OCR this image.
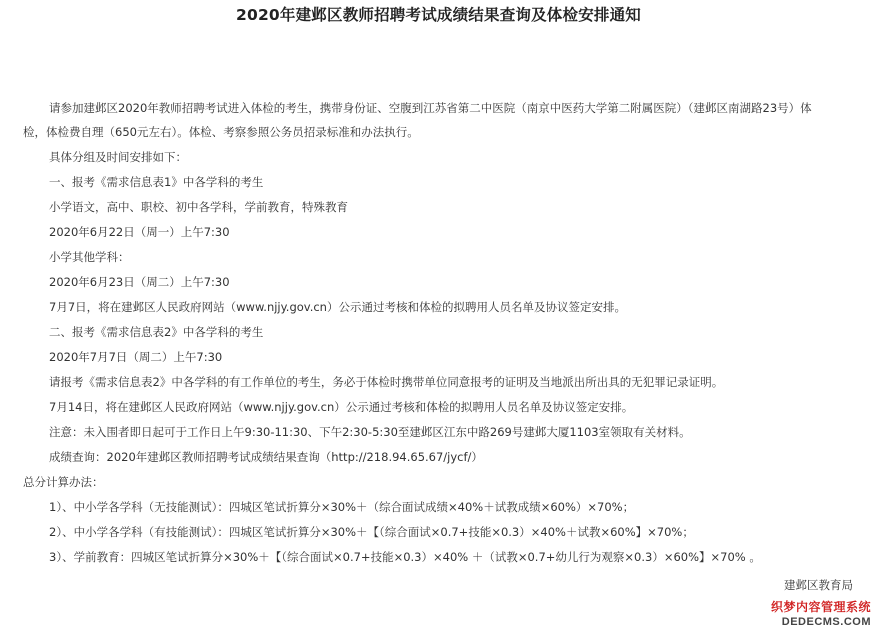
2020年建邺区教师招聘考试成绩结果查询及体检安排通知
请参加建邺区2020年教师招聘考试进入体检的考生，携带身份证、空腹到江苏省第二中医院（南京中医药大学第二附属医院）（建邺区南湖路23号）体
检，体检费自理（650元左右）。体检、考察参照公务员招录标准和办法执行。
具体分组及时间安排如下：
一、报考《需求信息表1》中各学科的考生
小学语文，高中、职校、初中各学科，学前教育，特殊教育
2020年6月22日（周一）上午7:30
小学其他学科：
2020年6月23日（周二）上午7:30
7月7日，将在建邺区人民政府网站（www.njjy.gov.cn）公示通过考核和体检的拟聘用人员名单及协议签定安排。
二、报考《需求信息表2》中各学科的考生
2020年7月7日（周二）上午7:30
请报考《需求信息表2》中各学科的有工作单位的考生，务必于体检时携带单位同意报考的证明及当地派出所出具的无犯罪记录证明。
7月14日，将在建邺区人民政府网站（www.njjy.gov.cn）公示通过考核和体检的拟聘用人员名单及协议签定安排。
注意：未入围者即日起可于工作日上午9:30-11:30、下午2:30-5:30至建邺区江东中路269号建邺大厦1103室领取有关材料。
成绩查询：2020年建邺区教师招聘考试成绩结果查询（http://218.94.65.67/jycf/）
总分计算办法：
1）、中小学各学科（无技能测试）：四城区笔试折算分×30%＋（综合面试成绩×40%＋试教成绩×60%）×70%；
2）、中小学各学科（有技能测试）：四城区笔试折算分×30%＋【（综合面试×0.7+技能×0.3）×40%＋试教×60%】×70%；
3）、学前教育：四城区笔试折算分×30%＋【（综合面试×0.7+技能×0.3）×40% ＋（试教×0.7+幼儿行为观察×0.3）×60%】×70% 。
建邺区教育局
织梦内容管理系统
DEDECMS.COM
